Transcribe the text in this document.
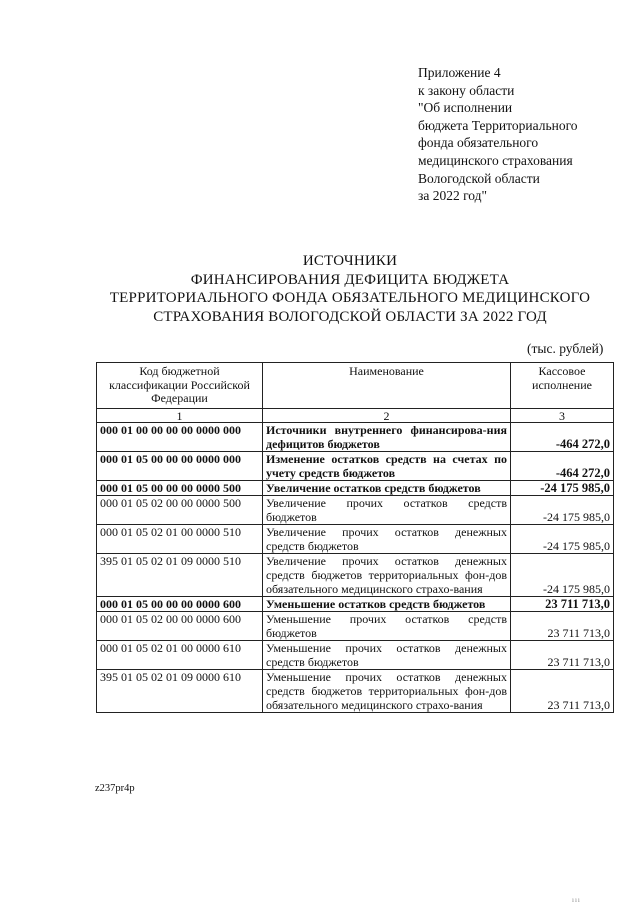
Приложение 4
к закону области
"Об исполнении
бюджета Территориального
фонда обязательного
медицинского страхования
Вологодской области
за 2022 год"
ИСТОЧНИКИ
ФИНАНСИРОВАНИЯ ДЕФИЦИТА БЮДЖЕТА
ТЕРРИТОРИАЛЬНОГО ФОНДА ОБЯЗАТЕЛЬНОГО МЕДИЦИНСКОГО
СТРАХОВАНИЯ ВОЛОГОДСКОЙ ОБЛАСТИ ЗА 2022 ГОД
(тыс. рублей)
Код бюджетной классификации Российской Федерации	Наименование	Кассовое исполнение
1	2	3
000 01 00 00 00 00 0000 000	Источники внутреннего финансирова-ния дефицитов бюджетов	-464 272,0
000 01 05 00 00 00 0000 000	Изменение остатков средств на счетах по учету средств бюджетов	-464 272,0
000 01 05 00 00 00 0000 500	Увеличение остатков средств бюджетов	-24 175 985,0
000 01 05 02 00 00 0000 500	Увеличение прочих остатков средств бюджетов	-24 175 985,0
000 01 05 02 01 00 0000 510	Увеличение прочих остатков денежных средств бюджетов	-24 175 985,0
395 01 05 02 01 09 0000 510	Увеличение прочих остатков денежных средств бюджетов территориальных фон-дов обязательного медицинского страхо-вания	-24 175 985,0
000 01 05 00 00 00 0000 600	Уменьшение остатков средств бюджетов	23 711 713,0
000 01 05 02 00 00 0000 600	Уменьшение прочих остатков средств бюджетов	23 711 713,0
000 01 05 02 01 00 0000 610	Уменьшение прочих остатков денежных средств бюджетов	23 711 713,0
395 01 05 02 01 09 0000 610	Уменьшение прочих остатков денежных средств бюджетов территориальных фон-дов обязательного медицинского страхо-вания	23 711 713,0
z237pr4p
ııı
